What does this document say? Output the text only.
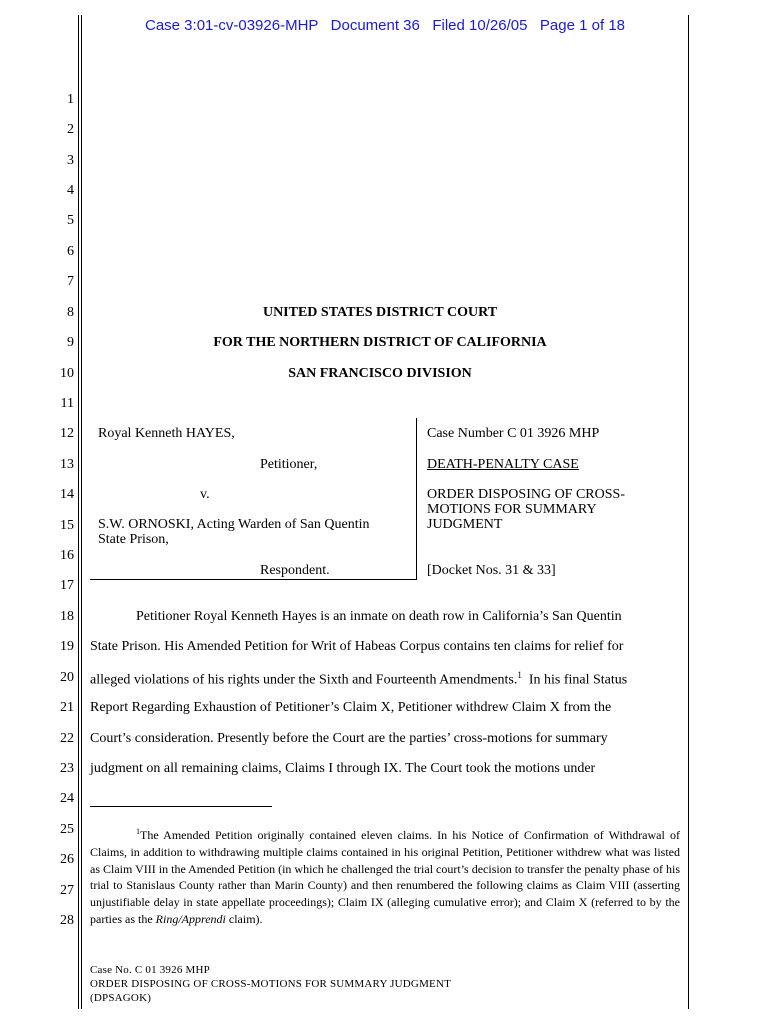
Case 3:01-cv-03926-MHP   Document 36   Filed 10/26/05   Page 1 of 18
1
2
3
4
5
6
7
8
9
10
11
12
13
14
15
16
17
18
19
20
21
22
23
24
25
26
27
28
UNITED STATES DISTRICT COURT
FOR THE NORTHERN DISTRICT OF CALIFORNIA
SAN FRANCISCO DIVISION
Royal Kenneth HAYES,
Petitioner,
v.
S.W. ORNOSKI, Acting Warden of San Quentin
State Prison,
Respondent.
Case Number C 01 3926 MHP
DEATH-PENALTY CASE
ORDER DISPOSING OF CROSS-
MOTIONS FOR SUMMARY
JUDGMENT
[Docket Nos. 31 & 33]
Petitioner Royal Kenneth Hayes is an inmate on death row in California’s San Quentin
State Prison. His Amended Petition for Writ of Habeas Corpus contains ten claims for relief for
alleged violations of his rights under the Sixth and Fourteenth Amendments.$^1$  In his final Status
Report Regarding Exhaustion of Petitioner’s Claim X, Petitioner withdrew Claim X from the
Court’s consideration. Presently before the Court are the parties’ cross-motions for summary
judgment on all remaining claims, Claims I through IX. The Court took the motions under
$^1$The Amended Petition originally contained eleven claims. In his Notice of Confirmation of Withdrawal of Claims, in addition to withdrawing multiple claims contained in his original Petition, Petitioner withdrew what was listed as Claim VIII in the Amended Petition (in which he challenged the trial court’s decision to transfer the penalty phase of his trial to Stanislaus County rather than Marin County) and then renumbered the following claims as Claim VIII (asserting unjustifiable delay in state appellate proceedings); Claim IX (alleging cumulative error); and Claim X (referred to by the parties as the Ring/Apprendi claim).
Case No. C 01 3926 MHP
ORDER DISPOSING OF CROSS-MOTIONS FOR SUMMARY JUDGMENT
(DPSAGOK)
